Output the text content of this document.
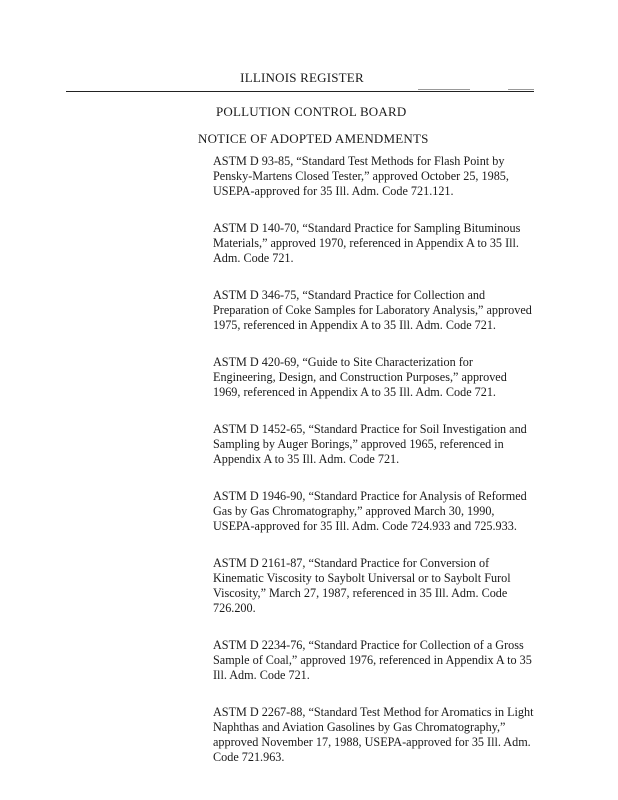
ILLINOIS REGISTER
POLLUTION CONTROL BOARD
NOTICE OF ADOPTED AMENDMENTS
ASTM D 93-85, “Standard Test Methods for Flash Point by Pensky-Martens Closed Tester,” approved October 25, 1985, USEPA-approved for 35 Ill. Adm. Code 721.121.
ASTM D 140-70, “Standard Practice for Sampling Bituminous Materials,” approved 1970, referenced in Appendix A to 35 Ill. Adm. Code 721.
ASTM D 346-75, “Standard Practice for Collection and Preparation of Coke Samples for Laboratory Analysis,” approved 1975, referenced in Appendix A to 35 Ill. Adm. Code 721.
ASTM D 420-69, “Guide to Site Characterization for Engineering, Design, and Construction Purposes,” approved 1969, referenced in Appendix A to 35 Ill. Adm. Code 721.
ASTM D 1452-65, “Standard Practice for Soil Investigation and Sampling by Auger Borings,” approved 1965, referenced in Appendix A to 35 Ill. Adm. Code 721.
ASTM D 1946-90, “Standard Practice for Analysis of Reformed Gas by Gas Chromatography,” approved March 30, 1990, USEPA-approved for 35 Ill. Adm. Code 724.933 and 725.933.
ASTM D 2161-87, “Standard Practice for Conversion of Kinematic Viscosity to Saybolt Universal or to Saybolt Furol Viscosity,” March 27, 1987, referenced in 35 Ill. Adm. Code 726.200.
ASTM D 2234-76, “Standard Practice for Collection of a Gross Sample of Coal,” approved 1976, referenced in Appendix A to 35 Ill. Adm. Code 721.
ASTM D 2267-88, “Standard Test Method for Aromatics in Light Naphthas and Aviation Gasolines by Gas Chromatography,” approved November 17, 1988, USEPA-approved for 35 Ill. Adm. Code 721.963.
